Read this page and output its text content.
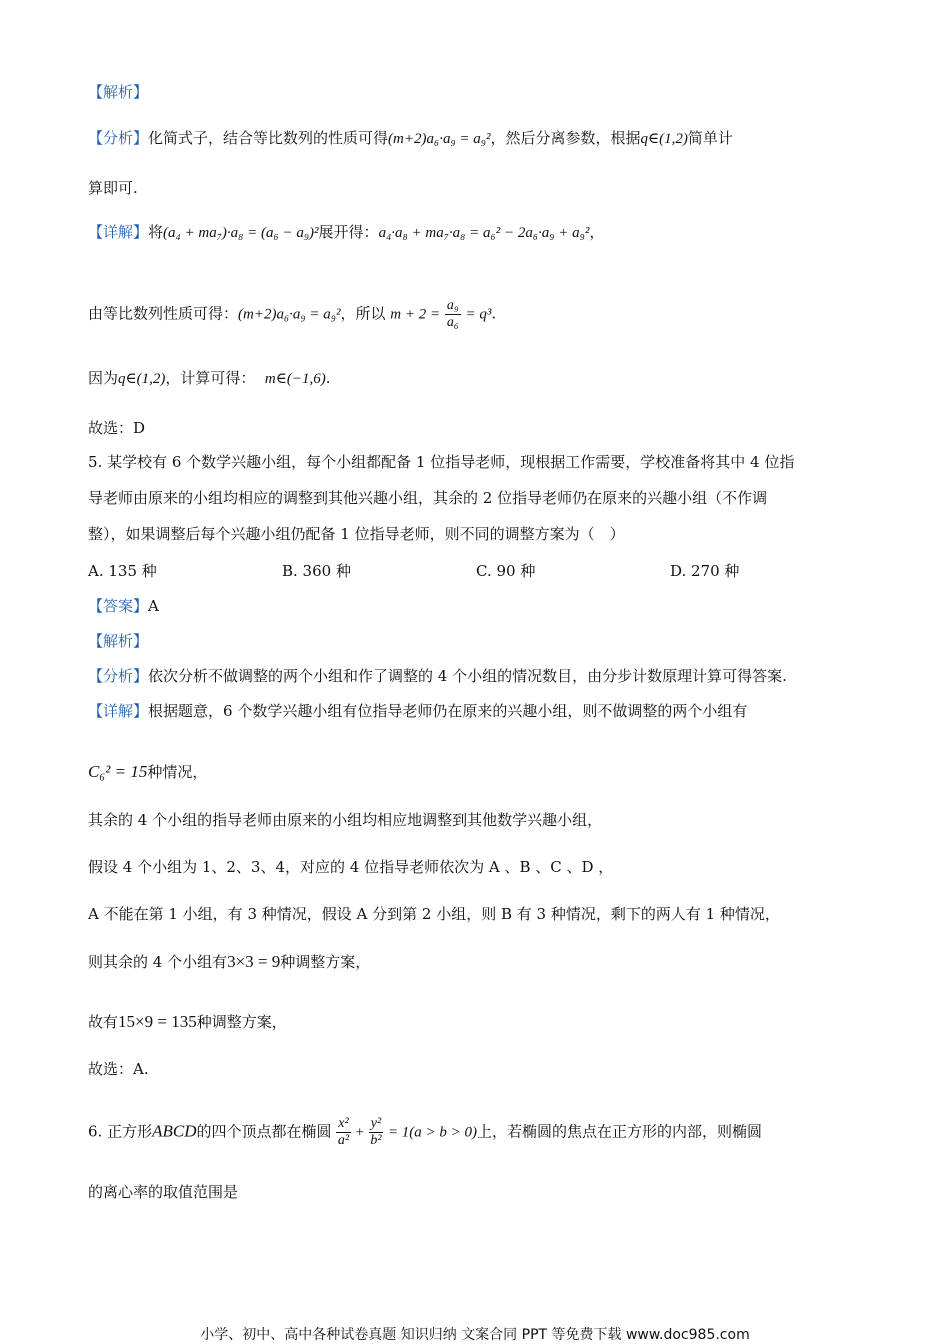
【解析】
【分析】化简式子，结合等比数列的性质可得(m+2)a₆·a₉ = a₉²，然后分离参数，根据q∈(1,2)简单计
算即可.
【详解】将(a₄ + ma₇)·a₈ = (a₆ − a₉)²展开得：a₄·a₈ + ma₇·a₈ = a₆² − 2a₆·a₉ + a₉²，
由等比数列性质可得：(m+2)a₆·a₉ = a₉²，所以 $m + 2 = \frac{\text{a₉}}{\text{a₆}} = q^3$.
因为q∈(1,2)，计算可得： m∈(−1,6).
故选：D
5. 某学校有 6 个数学兴趣小组，每个小组都配备 1 位指导老师，现根据工作需要，学校准备将其中 4 位指
导老师由原来的小组均相应的调整到其他兴趣小组，其余的 2 位指导老师仍在原来的兴趣小组（不作调
整），如果调整后每个兴趣小组仍配备 1 位指导老师，则不同的调整方案为（　）
A. 135 种	B. 360 种	C. 90 种	D. 270 种
【答案】A
【解析】
【分析】依次分析不做调整的两个小组和作了调整的 4 个小组的情况数目，由分步计数原理计算可得答案.
【详解】根据题意，6 个数学兴趣小组有位指导老师仍在原来的兴趣小组，则不做调整的两个小组有
C₆² = 15种情况，
其余的 4 个小组的指导老师由原来的小组均相应地调整到其他数学兴趣小组，
假设 4 个小组为 1、2、3、4，对应的 4 位指导老师依次为 A 、B 、C 、D ，
A 不能在第 1 小组，有 3 种情况，假设 A 分到第 2 小组，则 B 有 3 种情况，剩下的两人有 1 种情况，
则其余的 4 个小组有3×3 = 9种调整方案，
故有15×9 = 135种调整方案，
故选：A.
6. 正方形ABCD的四个顶点都在椭圆 $\frac{\text{x²}}{\text{a²}} + \frac{\text{y²}}{\text{b²}} = 1(a > b > 0)$上，若椭圆的焦点在正方形的内部，则椭圆
的离心率的取值范围是
小学、初中、高中各种试卷真题 知识归纳 文案合同 PPT 等免费下载 www.doc985.com
